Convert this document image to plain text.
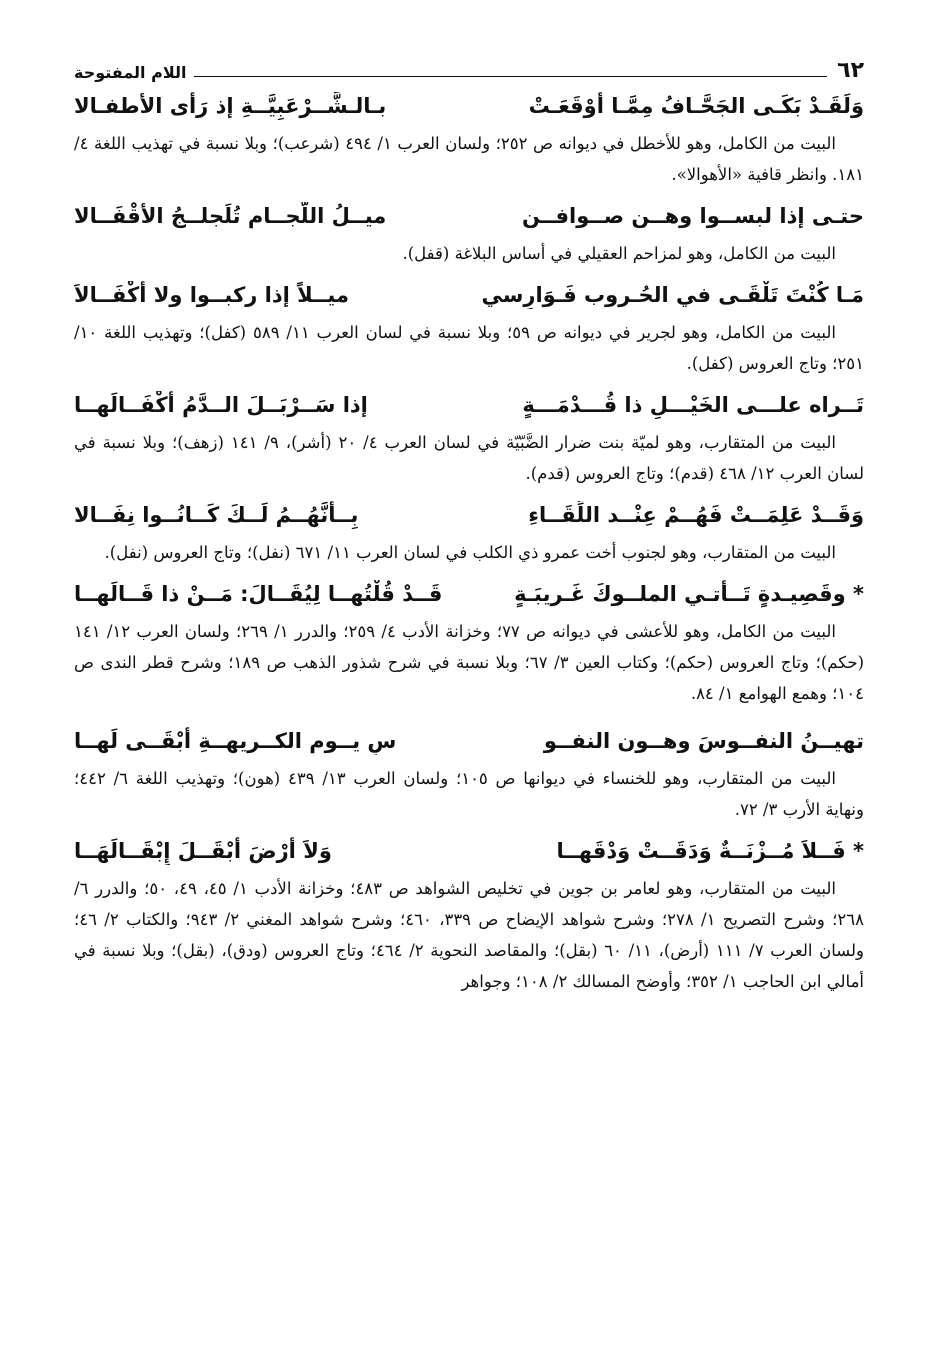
٦٢
اللام المفتوحة
وَلَقَـدْ بَكَـى الجَحَّـافُ مِمَّـا أَوْقَعَـتْ
بـالـشَّــرْعَبِيَّــةِ إذ رَأَى الأطفـالا

البيت من الكامل، وهو للأخطل في ديوانه ص ٢٥٢؛ ولسان العرب ١/ ٤٩٤ (شرعب)؛ وبلا نسبة في تهذيب اللغة ٤/ ١٨١. وانظر قافية «الأهوالا».

حتـى إذا لبســوا وهــن صــوافــن
ميــلُ اللّجــام تُلَجلــجُ الأَقْفَــالا

البيت من الكامل، وهو لمزاحم العقيلي في أساس البلاغة (قفل).

مَـا كُنْتَ تَلْقَـى في الحُـروب فَـوَارِسي
ميــلاً إذا ركبــوا ولا أَكْفَــالاَ

البيت من الكامل، وهو لجرير في ديوانه ص ٥٩؛ وبلا نسبة في لسان العرب ١١/ ٥٨٩ (كفل)؛ وتهذيب اللغة ١٠/ ٢٥١؛ وتاج العروس (كفل).

تَــراه علـــى الخَيْـــلِ ذا قُـــدْمَـــةٍ
إذا سَــرْبَــلَ الــدَّمُ أَكْفَــالَهــا

البيت من المتقارب، وهو لميّة بنت ضرار الضَّبّيّة في لسان العرب ٤/ ٢٠ (أشر)، ٩/ ١٤١ (زهف)؛ وبلا نسبة في لسان العرب ١٢/ ٤٦٨ (قدم)؛ وتاج العروس (قدم).

وَقَــدْ عَلِمَــتْ فَهُــمْ عِنْــد اللِّقَــاءِ
بِــأَنَّهُــمُ لَــكَ كَــانُــوا نِفَــالا

البيت من المتقارب، وهو لجنوب أخت عمرو ذي الكلب في لسان العرب ١١/ ٦٧١ (نفل)؛ وتاج العروس (نفل).

* وقَصِيـدةٍ تَــأْتـي الملــوكَ غَـريبَـةٍ
قَــدْ قُلْتُهــا لِيُقَــالَ: مَــنْ ذا قَــالَهــا

البيت من الكامل، وهو للأعشى في ديوانه ص ٧٧؛ وخزانة الأدب ٤/ ٢٥٩؛ والدرر ١/ ٢٦٩؛ ولسان العرب ١٢/ ١٤١ (حكم)؛ وتاج العروس (حكم)؛ وكتاب العين ٣/ ٦٧؛ وبلا نسبة في شرح شذور الذهب ص ١٨٩؛ وشرح قطر الندى ص ١٠٤؛ وهمع الهوامع ١/ ٨٤.

تهيــنُ النفــوسَ وهــون النفــو
سِ يــوم الكــريهــةِ أَبْقَــى لَهــا

البيت من المتقارب، وهو للخنساء في ديوانها ص ١٠٥؛ ولسان العرب ١٣/ ٤٣٩ (هون)؛ وتهذيب اللغة ٦/ ٤٤٢؛ ونهاية الأرب ٣/ ٧٢.

* فَــلاَ مُــزْنَــةٌ وَدَقَــتْ وَدْقَهــا
وَلاَ أَرْضَ أَبْقَــلَ إِبْقَــالَهَــا

البيت من المتقارب، وهو لعامر بن جوين في تخليص الشواهد ص ٤٨٣؛ وخزانة الأدب ١/ ٤٥، ٤٩، ٥٠؛ والدرر ٦/ ٢٦٨؛ وشرح التصريح ١/ ٢٧٨؛ وشرح شواهد الإيضاح ص ٣٣٩، ٤٦٠؛ وشرح شواهد المغني ٢/ ٩٤٣؛ والكتاب ٢/ ٤٦؛ ولسان العرب ٧/ ١١١ (أرض)، ١١/ ٦٠ (بقل)؛ والمقاصد النحوية ٢/ ٤٦٤؛ وتاج العروس (ودق)، (بقل)؛ وبلا نسبة في أمالي ابن الحاجب ١/ ٣٥٢؛ وأوضح المسالك ٢/ ١٠٨؛ وجواهر
